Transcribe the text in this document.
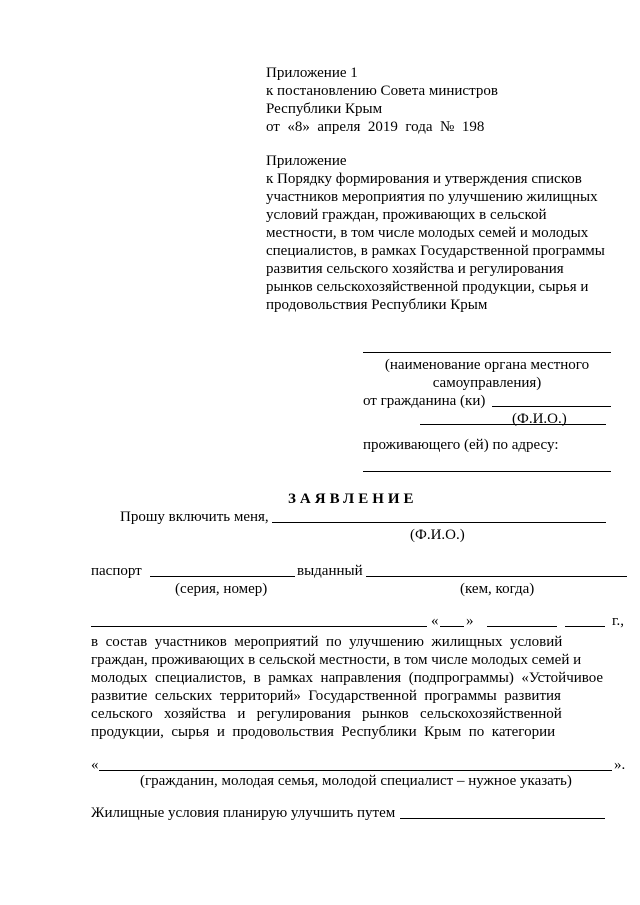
Приложение 1
к постановлению Совета министров
Республики Крым
от  «8»  апреля  2019  года  №  198
Приложение
к Порядку формирования и утверждения списков
участников мероприятия по улучшению жилищных
условий граждан, проживающих в сельской
местности, в том числе молодых семей и молодых
специалистов, в рамках Государственной программы
развития сельского хозяйства и регулирования
рынков сельскохозяйственной продукции, сырья и
продовольствия Республики Крым
(наименование органа местного
самоуправления)
от гражданина (ки)
(Ф.И.О.)
проживающего (ей) по адресу:
ЗАЯВЛЕНИЕ
Прошу включить меня,
(Ф.И.О.)
паспорт	выданный
(серия, номер)	(кем, когда)
« »	г.,
в  состав  участников  мероприятий  по  улучшению  жилищных  условий
граждан, проживающих в сельской местности, в том числе молодых семей и
молодых  специалистов,  в  рамках  направления  (подпрограммы)  «Устойчивое
развитие  сельских  территорий»  Государственной  программы  развития
сельского   хозяйства   и   регулирования   рынков   сельскохозяйственной
продукции,  сырья  и  продовольствия  Республики  Крым  по  категории
«	».
(гражданин, молодая семья, молодой специалист – нужное указать)
Жилищные условия планирую улучшить путем
